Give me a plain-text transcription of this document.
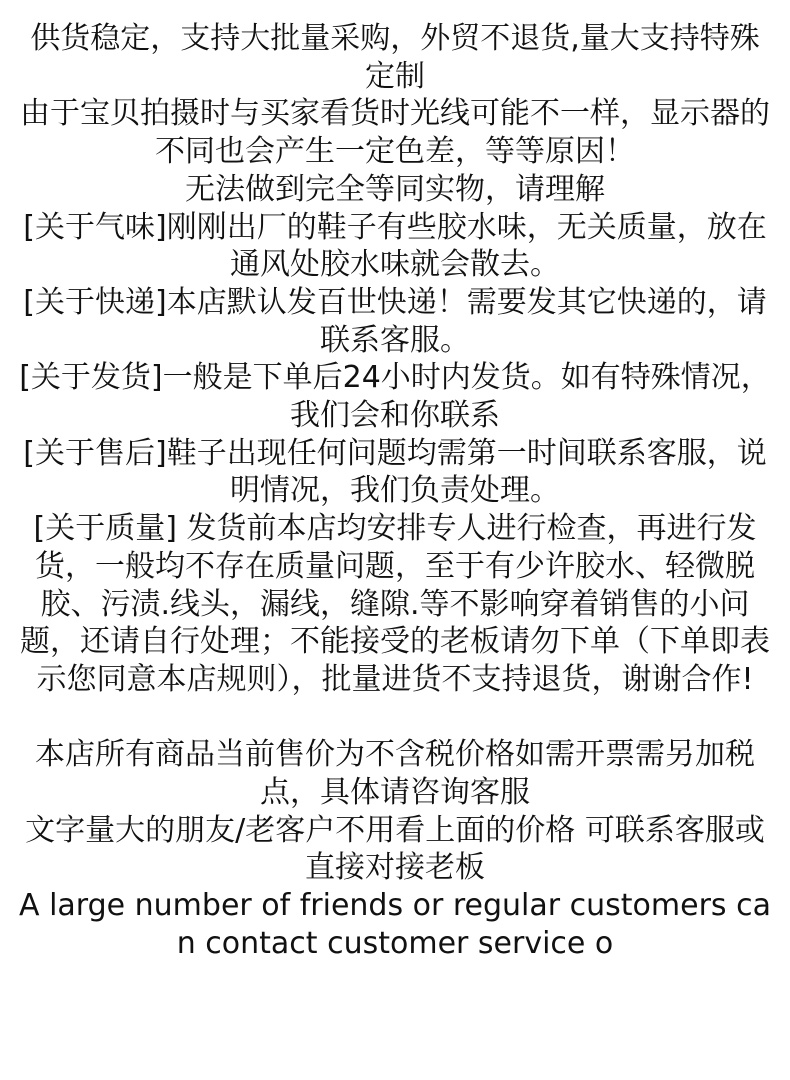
供货稳定，支持大批量采购，外贸不退货,量大支持特殊定制

由于宝贝拍摄时与买家看货时光线可能不一样，显示器的不同也会产生一定色差，等等原因！

无法做到完全等同实物，请理解

[关于气味]刚刚出厂的鞋子有些胶水味，无关质量，放在通风处胶水味就会散去。

[关于快递]本店默认发百世快递！需要发其它快递的，请联系客服。

[关于发货]一般是下单后24小时内发货。如有特殊情况，我们会和你联系

[关于售后]鞋子出现任何问题均需第一时间联系客服，说明情况，我们负责处理。

[关于质量] 发货前本店均安排专人进行检查，再进行发货，一般均不存在质量问题，至于有少许胶水、轻微脱胶、污渍.线头，漏线，缝隙.等不影响穿着销售的小问题，还请自行处理；不能接受的老板请勿下单（下单即表示您同意本店规则），批量进货不支持退货，谢谢合作!

本店所有商品当前售价为不含税价格如需开票需另加税点，具体请咨询客服

文字量大的朋友/老客户不用看上面的价格 可联系客服或直接对接老板

A large number of friends or regular customers can contact customer service o
